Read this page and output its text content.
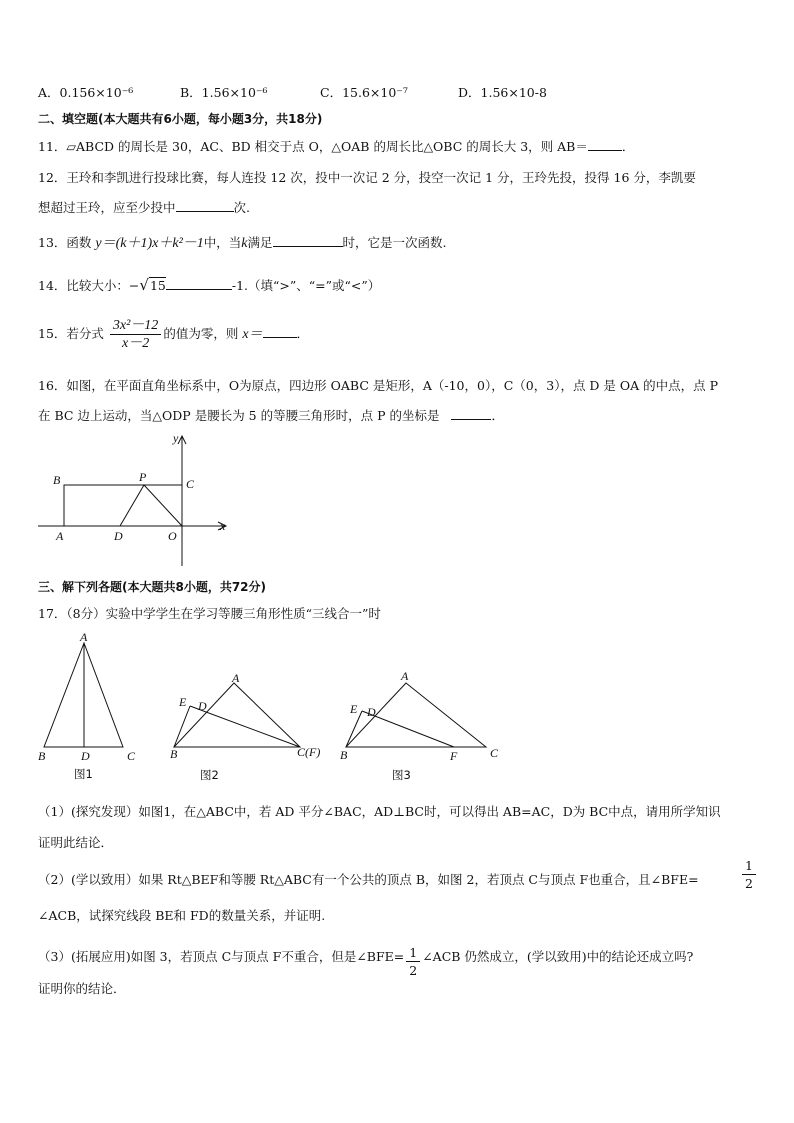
A．0.156×10⁻⁶	B．1.56×10⁻⁶	C．15.6×10⁻⁷	D．1.56×10-8
二、填空题(本大题共有6小题，每小题3分，共18分)
11．▱ABCD 的周长是 30，AC、BD 相交于点 O，△OAB 的周长比△OBC 的周长大 3，则 AB＝	．
12．王玲和李凯进行投球比赛，每人连投 12 次，投中一次记 2 分，投空一次记 1 分，王玲先投，投得 16 分，李凯要
想超过王玲，应至少投中	次.
13．函数 y＝(k＋1)x＋k²－1中，当k满足	时，它是一次函数.
14．比较大小：−√15	-1.（填“>”、“=”或“<”）
15．若分式 $\frac{\text{3x²－12}}{x-2}$ 的值为零，则 x＝	．
16．如图，在平面直角坐标系中，O为原点，四边形 OABC 是矩形，A（-10，0），C（0，3），点 D 是 OA 的中点，点 P
在 BC 边上运动，当△ODP 是腰长为 5 的等腰三角形时，点 P 的坐标是	．
y
x
B	P	C
A	D	O
三、解下列各题(本大题共8小题，共72分)
17．（8分）实验中学学生在学习等腰三角形性质“三线合一”时
A
B	D	C
图1
A
E D
B	C(F)
图2
A
E D
B	F	C
图3
（1）(探究发现）如图1，在△ABC中，若 AD 平分∠BAC，AD⊥BC时，可以得出 AB=AC，D为 BC中点，请用所学知识
证明此结论．
（2）(学以致用）如果 Rt△BEF和等腰 Rt△ABC有一个公共的顶点 B，如图 2，若顶点 C与顶点 F也重合，且∠BFE=	$\frac{1}{2}$
∠ACB，试探究线段 BE和 FD的数量关系，并证明.
（3）(拓展应用)如图 3，若顶点 C与顶点 F不重合，但是∠BFE= $\frac{1}{2}$ ∠ACB 仍然成立，(学以致用)中的结论还成立吗?
证明你的结论．
